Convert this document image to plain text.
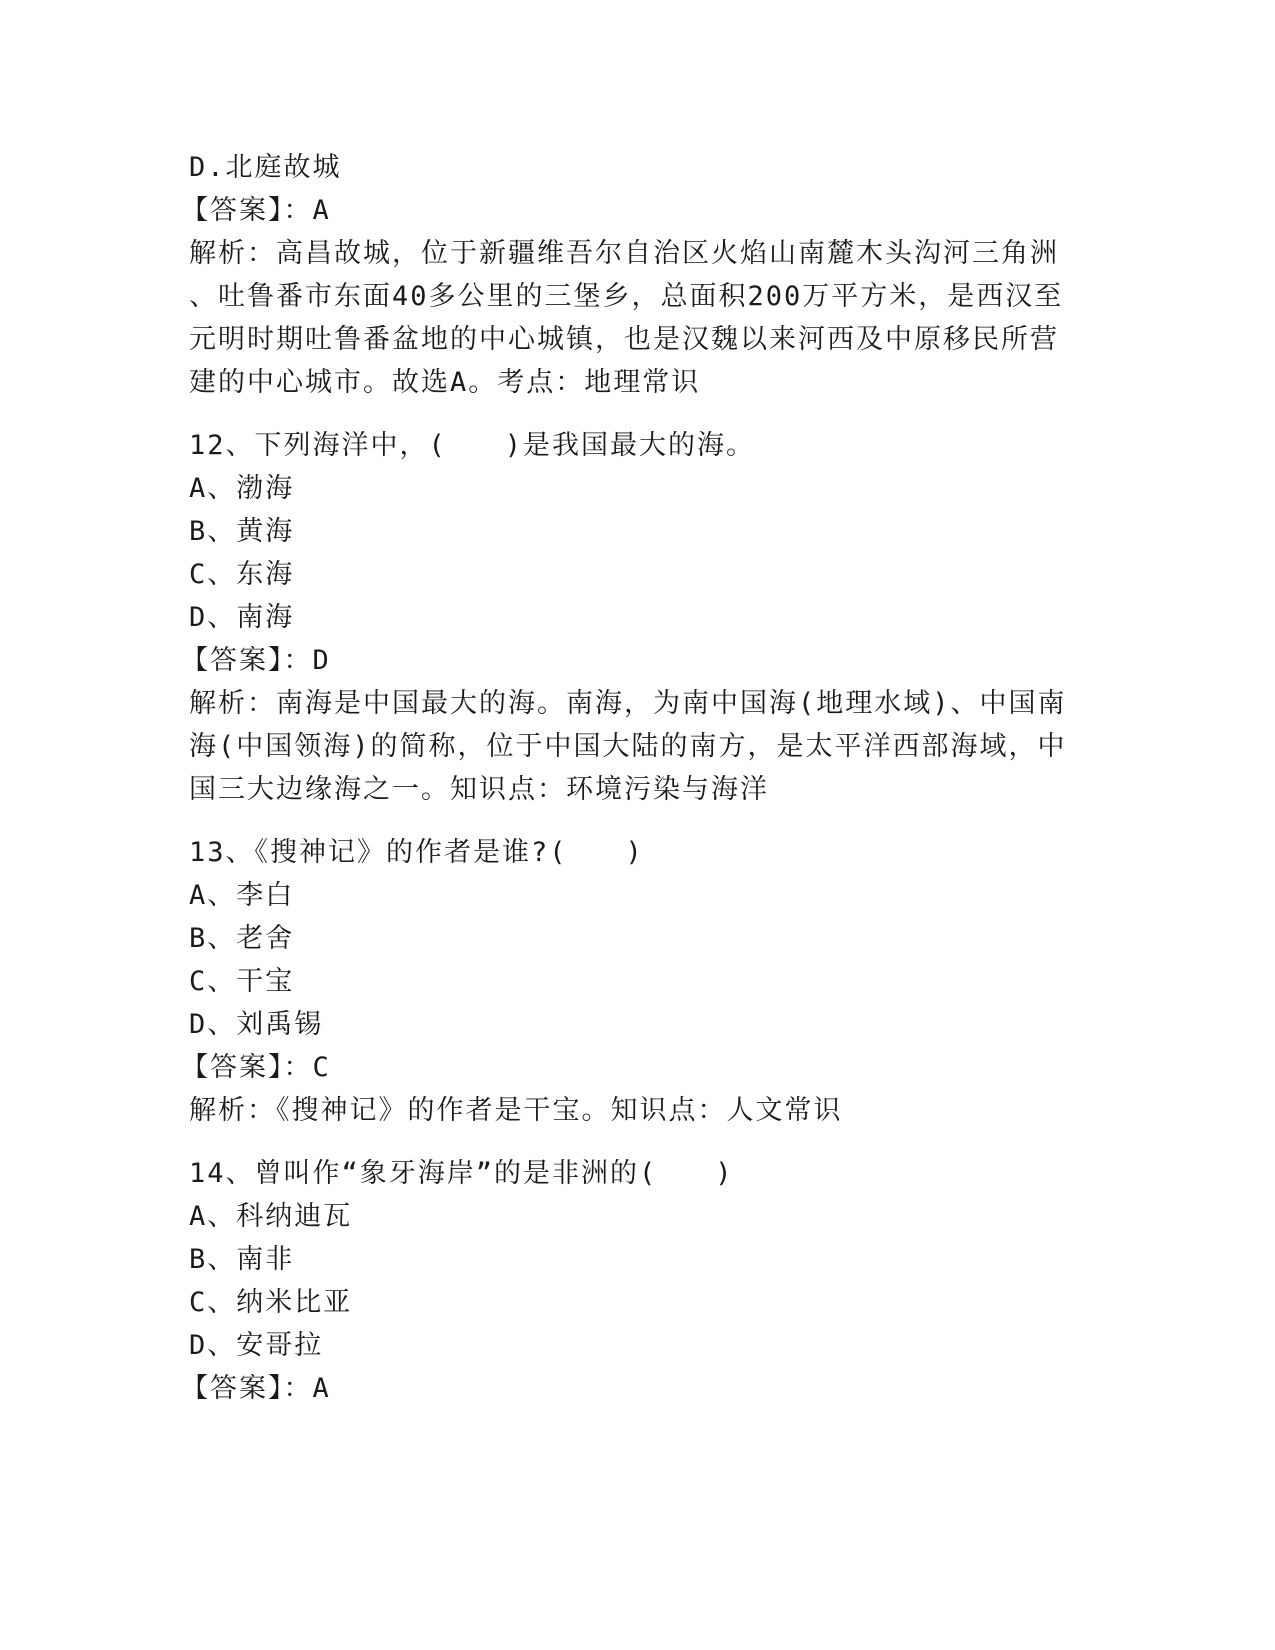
D.北庭故城
【答案】：A
解析：高昌故城，位于新疆维吾尔自治区火焰山南麓木头沟河三角洲
、吐鲁番市东面40多公里的三堡乡，总面积200万平方米，是西汉至
元明时期吐鲁番盆地的中心城镇，也是汉魏以来河西及中原移民所营
建的中心城市。故选A。考点：地理常识
12、下列海洋中，(　　)是我国最大的海。
A、渤海
B、黄海
C、东海
D、南海
【答案】：D
解析：南海是中国最大的海。南海，为南中国海(地理水域)、中国南
海(中国领海)的简称，位于中国大陆的南方，是太平洋西部海域，中
国三大边缘海之一。知识点：环境污染与海洋
13、《搜神记》的作者是谁?(　　)
A、李白
B、老舍
C、干宝
D、刘禹锡
【答案】：C
解析：《搜神记》的作者是干宝。知识点：人文常识
14、曾叫作“象牙海岸”的是非洲的(　　)
A、科纳迪瓦
B、南非
C、纳米比亚
D、安哥拉
【答案】：A
